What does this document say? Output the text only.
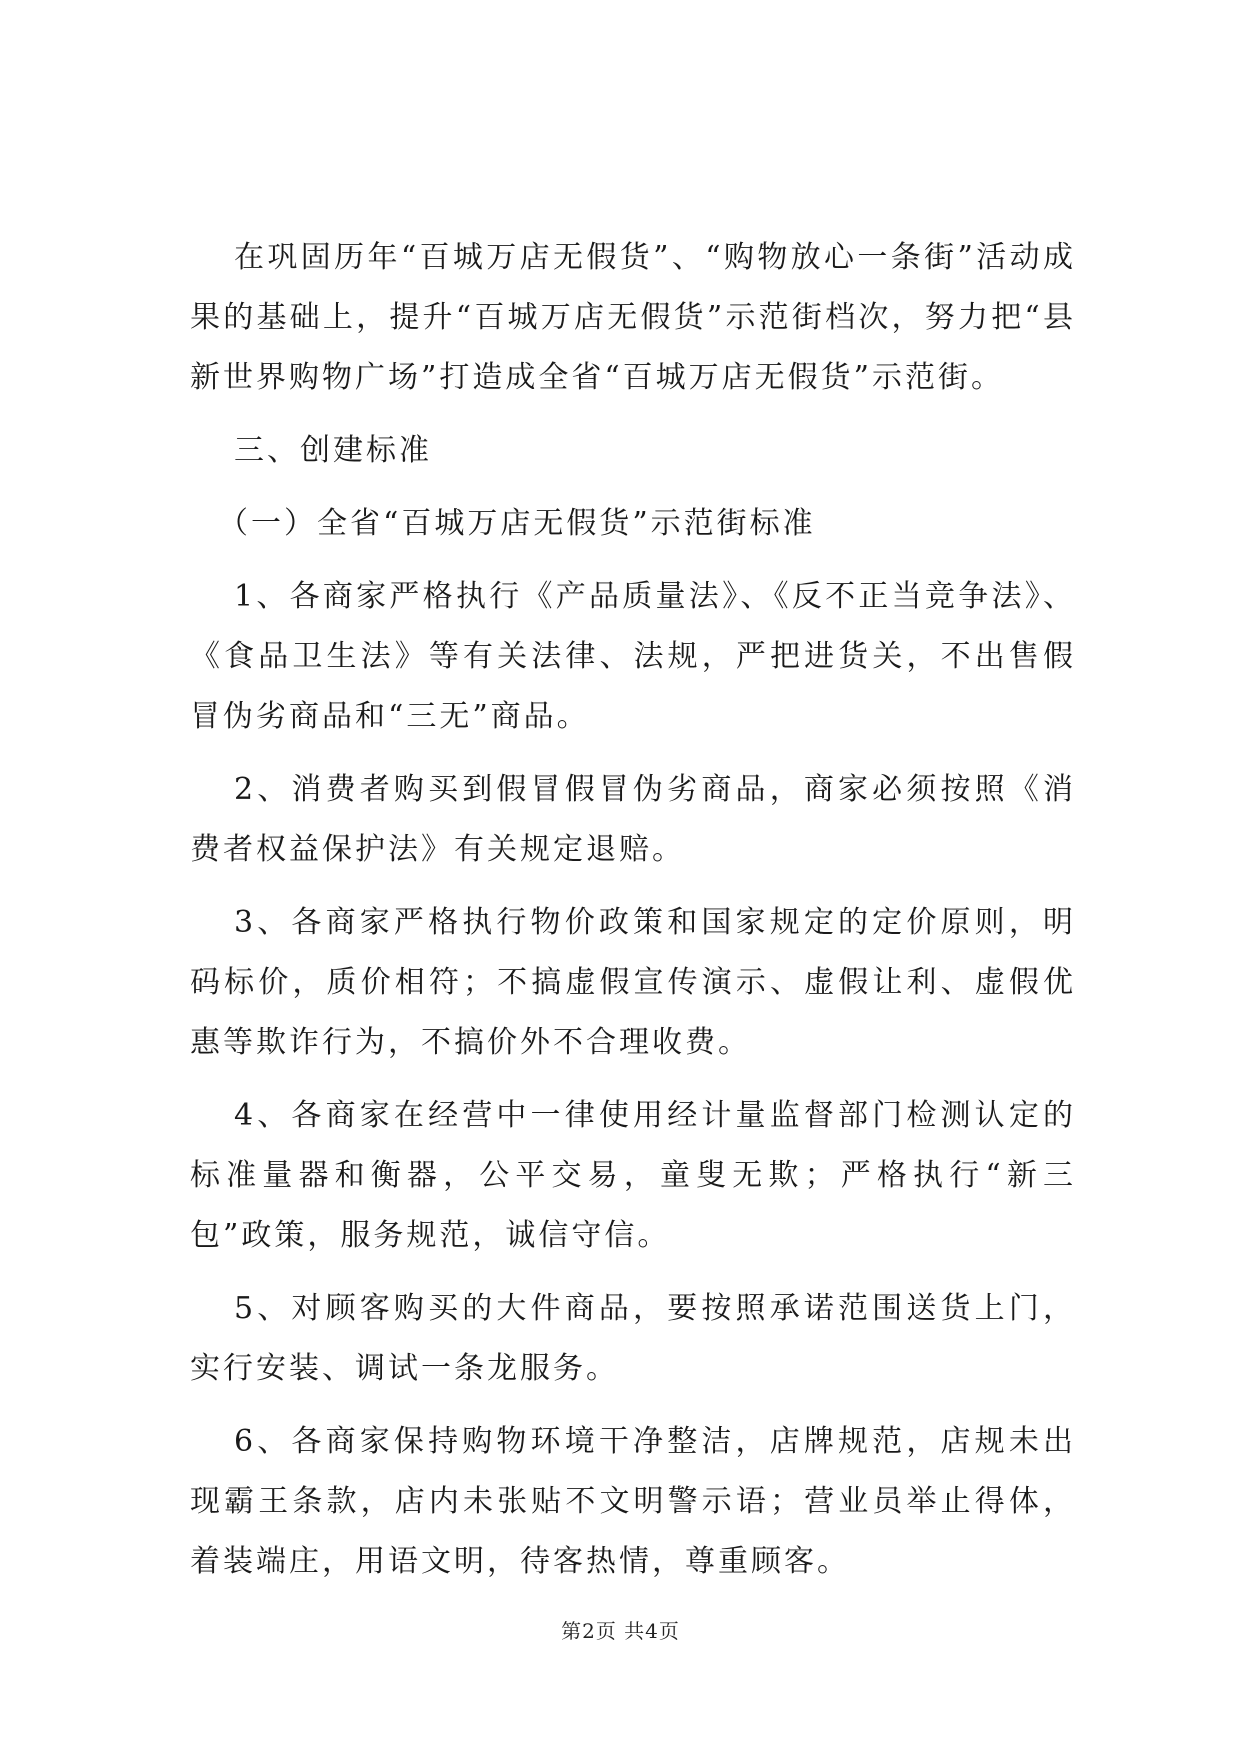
在巩固历年“百城万店无假货”、“购物放心一条街”活动成果的基础上，提升“百城万店无假货”示范街档次，努力把“县新世界购物广场”打造成全省“百城万店无假货”示范街。

三、创建标准

（一）全省“百城万店无假货”示范街标准

1、各商家严格执行《产品质量法》、《反不正当竞争法》、《食品卫生法》等有关法律、法规，严把进货关，不出售假冒伪劣商品和“三无”商品。

2、消费者购买到假冒假冒伪劣商品，商家必须按照《消费者权益保护法》有关规定退赔。

3、各商家严格执行物价政策和国家规定的定价原则，明码标价，质价相符；不搞虚假宣传演示、虚假让利、虚假优惠等欺诈行为，不搞价外不合理收费。

4、各商家在经营中一律使用经计量监督部门检测认定的标准量器和衡器，公平交易，童叟无欺；严格执行“新三包”政策，服务规范，诚信守信。

5、对顾客购买的大件商品，要按照承诺范围送货上门，实行安装、调试一条龙服务。

6、各商家保持购物环境干净整洁，店牌规范，店规未出现霸王条款，店内未张贴不文明警示语；营业员举止得体，着装端庄，用语文明，待客热情，尊重顾客。

第2页 共4页
